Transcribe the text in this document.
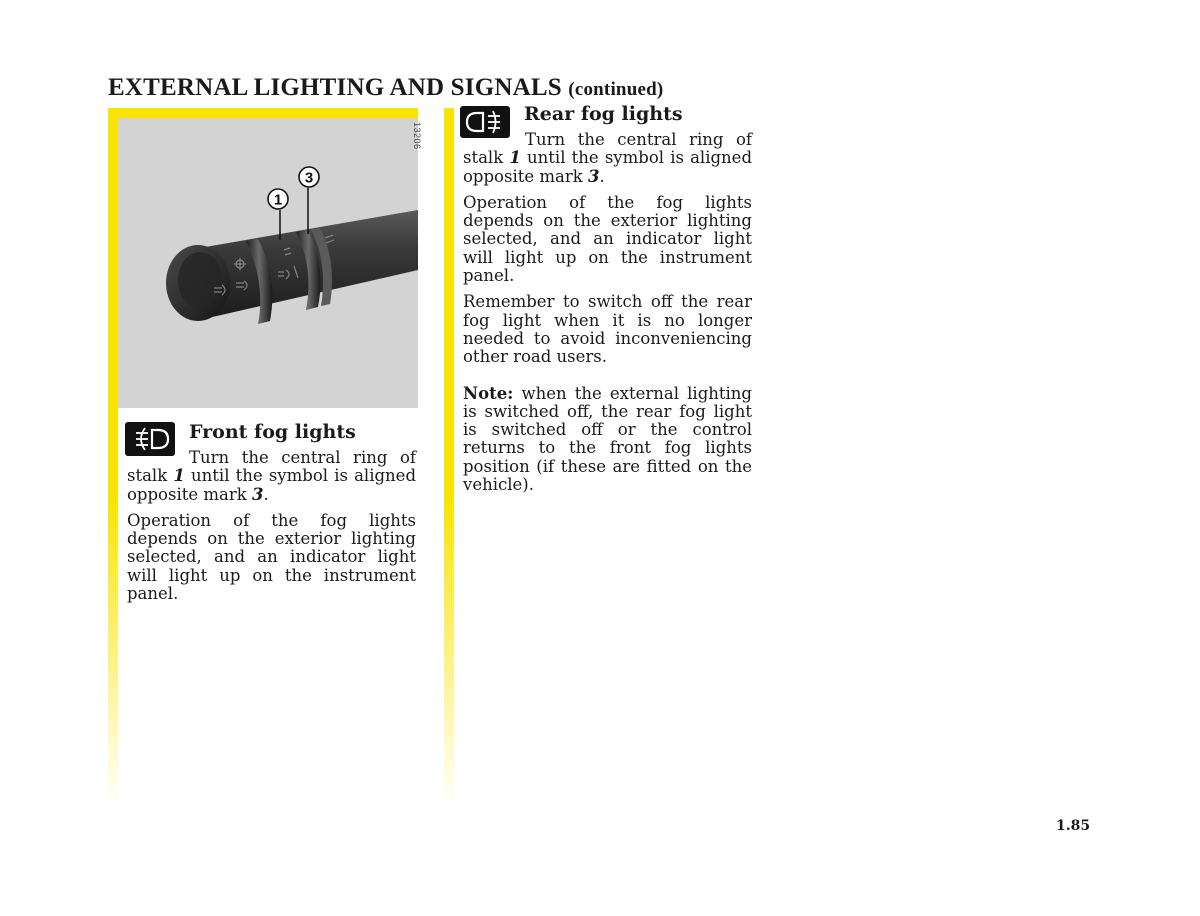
EXTERNAL LIGHTING AND SIGNALS (continued)
1
3
13206
Front fog lights

Turn the central ring of stalk 1 until the symbol is aligned opposite mark 3.

Operation of the fog lights depends on the exterior lighting selected, and an indicator light will light up on the instrument panel.

Rear fog lights

Turn the central ring of stalk 1 until the symbol is aligned opposite mark 3.

Operation of the fog lights depends on the exterior lighting selected, and an indicator light will light up on the instrument panel.

Remember to switch off the rear fog light when it is no longer needed to avoid inconveniencing other road users.

Note: when the external lighting is switched off, the rear fog light is switched off or the control returns to the front fog lights position (if these are fitted on the vehicle).

1.85
